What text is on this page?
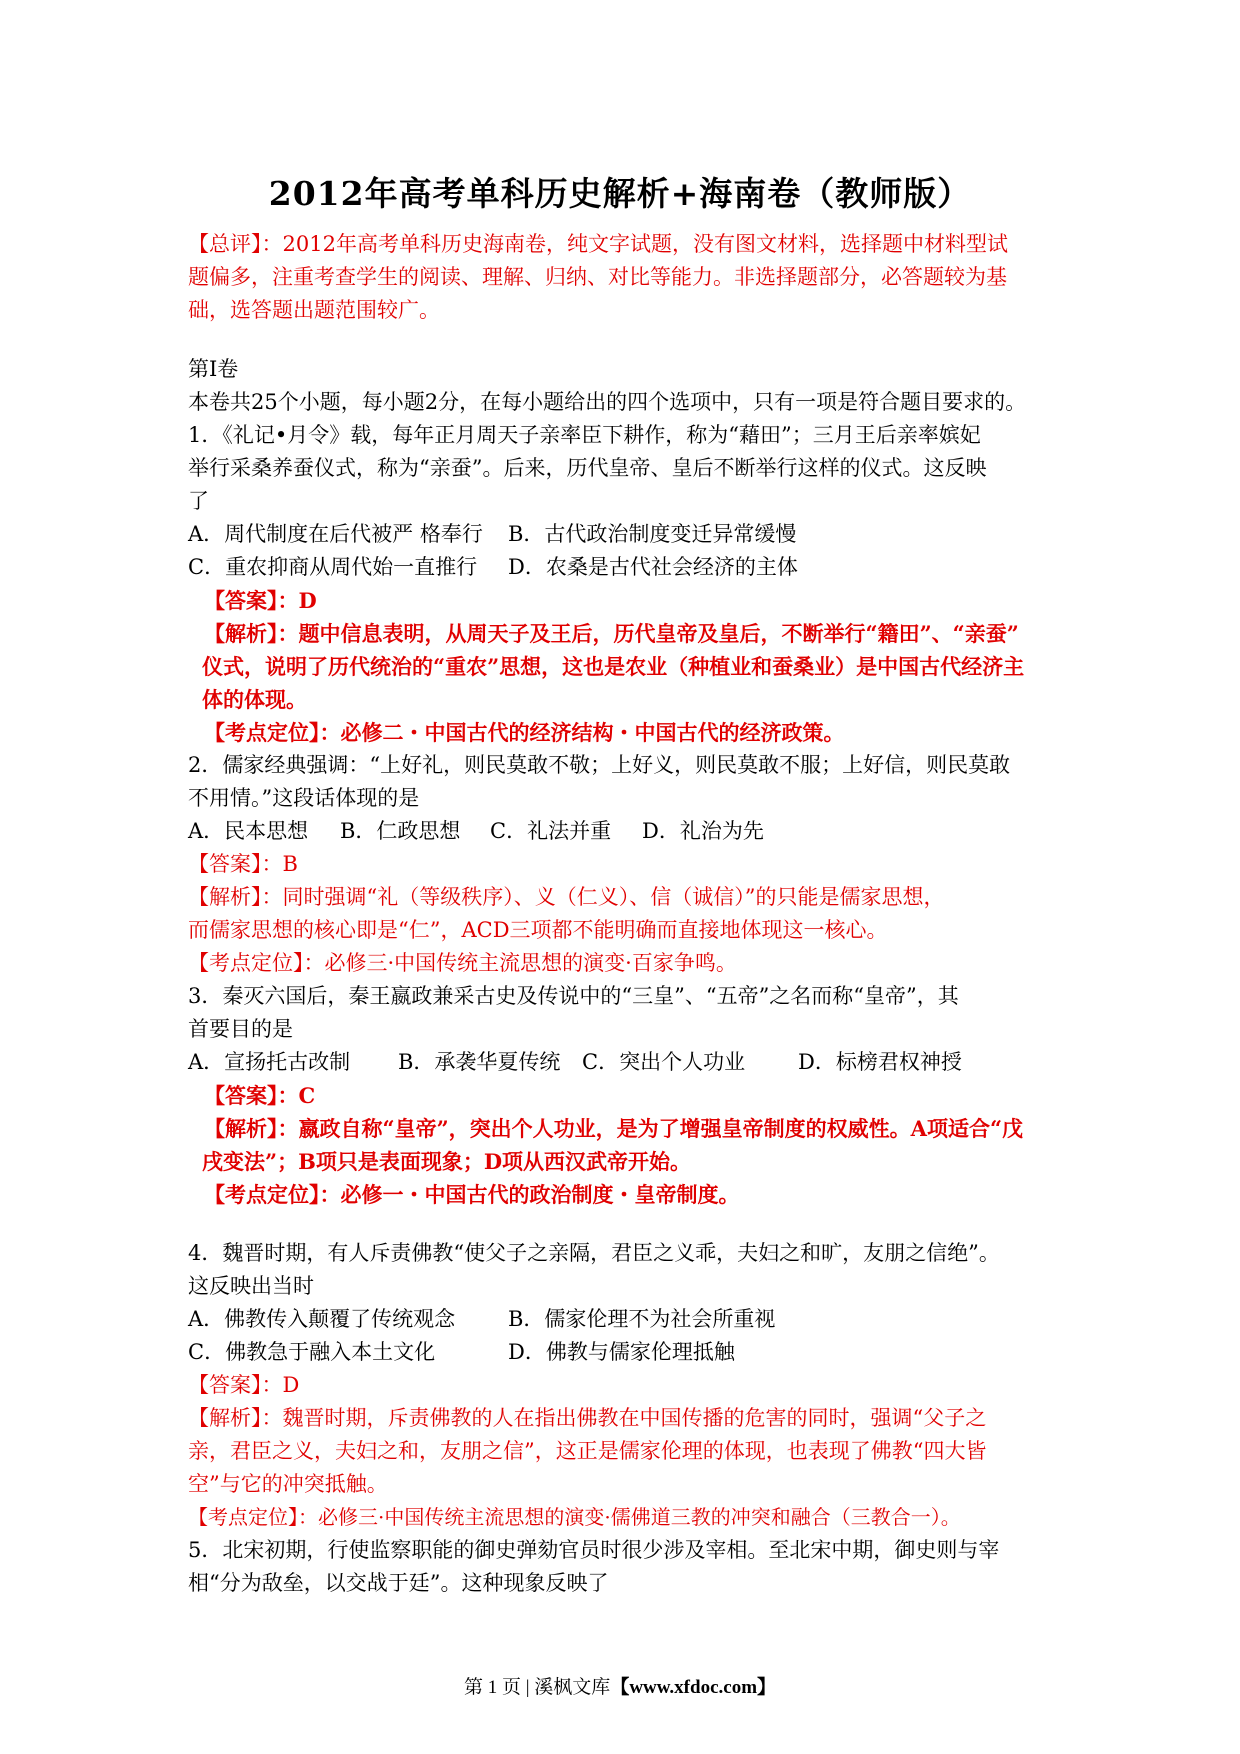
2012年高考单科历史解析+海南卷（教师版）
【总评】：2012年高考单科历史海南卷，纯文字试题，没有图文材料，选择题中材料型试
题偏多，注重考查学生的阅读、理解、归纳、对比等能力。非选择题部分，必答题较为基
础，选答题出题范围较广。
第Ⅰ卷
本卷共25个小题，每小题2分，在每小题给出的四个选项中，只有一项是符合题目要求的。
1．《礼记•月令》载，每年正月周天子亲率臣下耕作，称为“藉田”；三月王后亲率嫔妃
举行采桑养蚕仪式，称为“亲蚕”。后来，历代皇帝、皇后不断举行这样的仪式。这反映
了
A．周代制度在后代被严 格奉行	B．古代政治制度变迁异常缓慢
C．重农抑商从周代始一直推行	D．农桑是古代社会经济的主体
【答案】：D
【解析】：题中信息表明，从周天子及王后，历代皇帝及皇后，不断举行“籍田”、“亲蚕”
仪式，说明了历代统治的“重农”思想，这也是农业（种植业和蚕桑业）是中国古代经济主
体的体现。
【考点定位】：必修二・中国古代的经济结构・中国古代的经济政策。
2．儒家经典强调：“上好礼，则民莫敢不敬；上好义，则民莫敢不服；上好信，则民莫敢
不用情。”这段话体现的是
A．民本思想	B．仁政思想	C．礼法并重	D．礼治为先
【答案】：B
【解析】：同时强调“礼（等级秩序）、义（仁义）、信（诚信）”的只能是儒家思想，
而儒家思想的核心即是“仁”，ACD三项都不能明确而直接地体现这一核心。
【考点定位】：必修三·中国传统主流思想的演变·百家争鸣。
3．秦灭六国后，秦王嬴政兼采古史及传说中的“三皇”、“五帝”之名而称“皇帝”，其
首要目的是
A．宣扬托古改制	B．承袭华夏传统	C．突出个人功业	D．标榜君权神授
【答案】：C
【解析】：嬴政自称“皇帝”，突出个人功业，是为了增强皇帝制度的权威性。A项适合“戊
戌变法”；B项只是表面现象；D项从西汉武帝开始。
【考点定位】：必修一・中国古代的政治制度・皇帝制度。
4．魏晋时期，有人斥责佛教“使父子之亲隔，君臣之义乖，夫妇之和旷，友朋之信绝”。
这反映出当时
A．佛教传入颠覆了传统观念	B．儒家伦理不为社会所重视
C．佛教急于融入本土文化	D．佛教与儒家伦理抵触
【答案】：D
【解析】：魏晋时期，斥责佛教的人在指出佛教在中国传播的危害的同时，强调“父子之
亲，君臣之义，夫妇之和，友朋之信”，这正是儒家伦理的体现，也表现了佛教“四大皆
空”与它的冲突抵触。
【考点定位】：必修三·中国传统主流思想的演变·儒佛道三教的冲突和融合（三教合一）。
5．北宋初期，行使监察职能的御史弹劾官员时很少涉及宰相。至北宋中期，御史则与宰
相“分为敌垒，以交战于廷”。这种现象反映了
第 1 页 | 溪枫文库【www.xfdoc.com】
